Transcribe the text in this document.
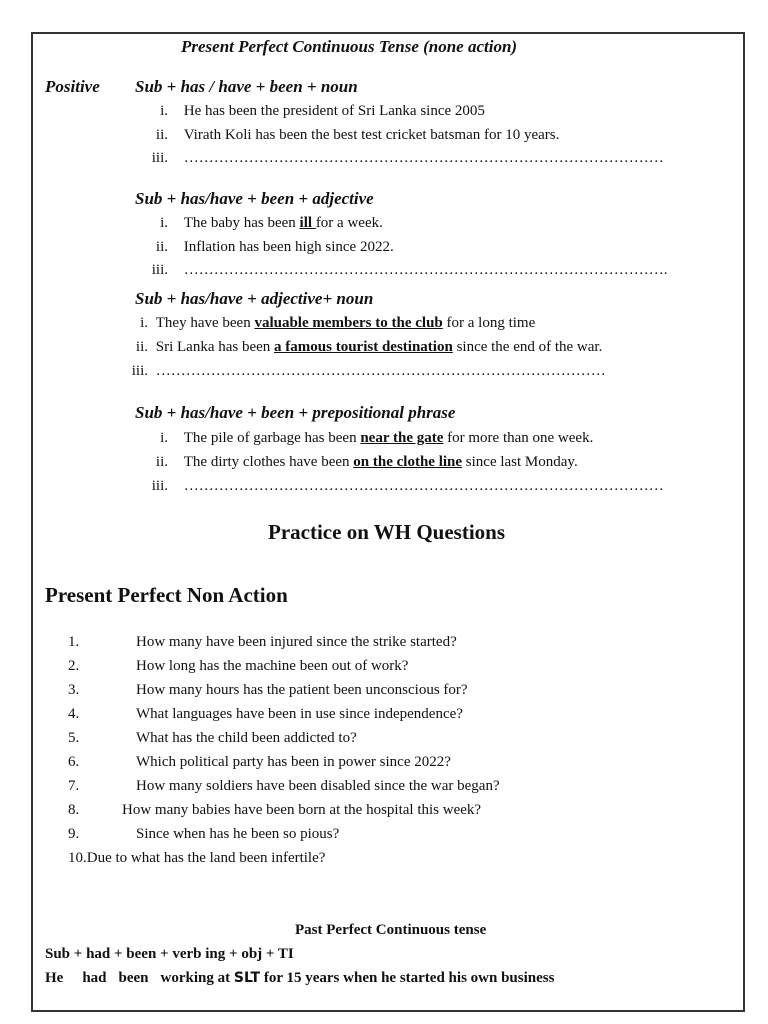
Present Perfect Continuous Tense (none action)
Positive Sub + has / have + been + noun
i. He has been the president of Sri Lanka since 2005
ii. Virath Koli has been the best test cricket batsman for 10 years.
iii. ……………………………………………………………………………………
Sub + has/have + been + adjective
i. The baby has been ill for a week.
ii. Inflation has been high since 2022.
iii. …………………………………………………………………………………….
Sub + has/have + adjective+ noun
i. They have been valuable members to the club for a long time
ii. Sri Lanka has been a famous tourist destination since the end of the war.
iii. ………………………………………………………………………………
Sub + has/have + been + prepositional phrase
i. The pile of garbage has been near the gate for more than one week.
ii. The dirty clothes have been on the clothe line since last Monday.
iii. ……………………………………………………………………………………
Practice on WH Questions
Present Perfect Non Action
1.	How many have been injured since the strike started?
2.	How long has the machine been out of work?
3.	How many hours has the patient been unconscious for?
4.	What languages have been in use since independence?
5.	What has the child been addicted to?
6.	Which political party has been in power since 2022?
7.	How many soldiers have been disabled since the war began?
8.	How many babies have been born at the hospital this week?
9.	Since when has he been so pious?
10.Due to what has the land been infertile?
Past Perfect Continuous tense
Sub + had + been + verb ing + obj + TI
He had been working at SLT for 15 years when he started his own business
